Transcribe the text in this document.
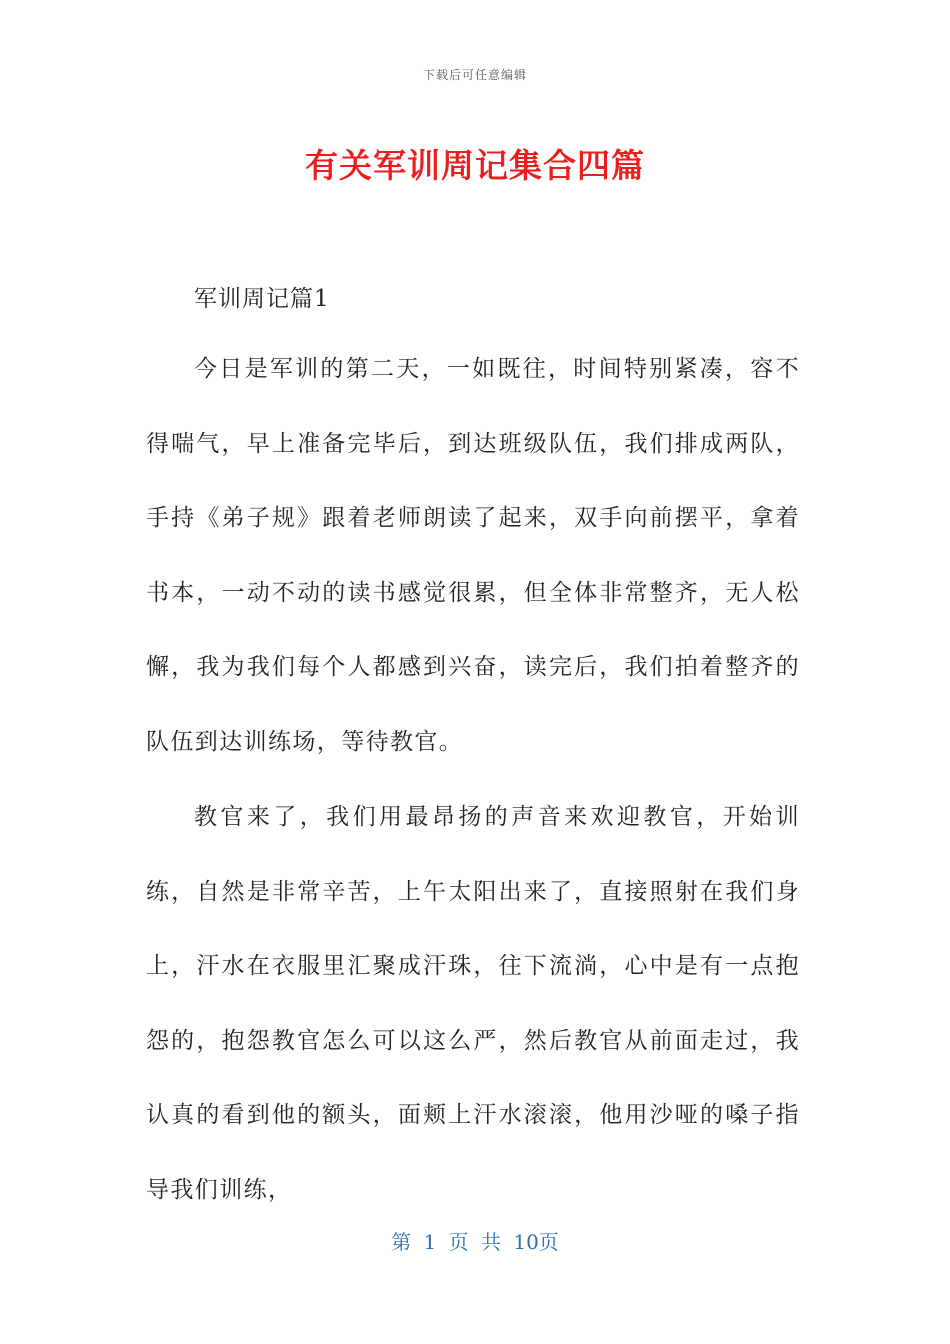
下载后可任意编辑
有关军训周记集合四篇
军训周记篇1

今日是军训的第二天，一如既往，时间特别紧凑，容不得喘气，早上准备完毕后，到达班级队伍，我们排成两队，手持《弟子规》跟着老师朗读了起来，双手向前摆平，拿着书本，一动不动的读书感觉很累，但全体非常整齐，无人松懈，我为我们每个人都感到兴奋，读完后，我们拍着整齐的队伍到达训练场，等待教官。

教官来了，我们用最昂扬的声音来欢迎教官，开始训练，自然是非常辛苦，上午太阳出来了，直接照射在我们身上，汗水在衣服里汇聚成汗珠，往下流淌，心中是有一点抱怨的，抱怨教官怎么可以这么严，然后教官从前面走过，我认真的看到他的额头，面颊上汗水滚滚，他用沙哑的嗓子指导我们训练，

第 1 页 共 10页
